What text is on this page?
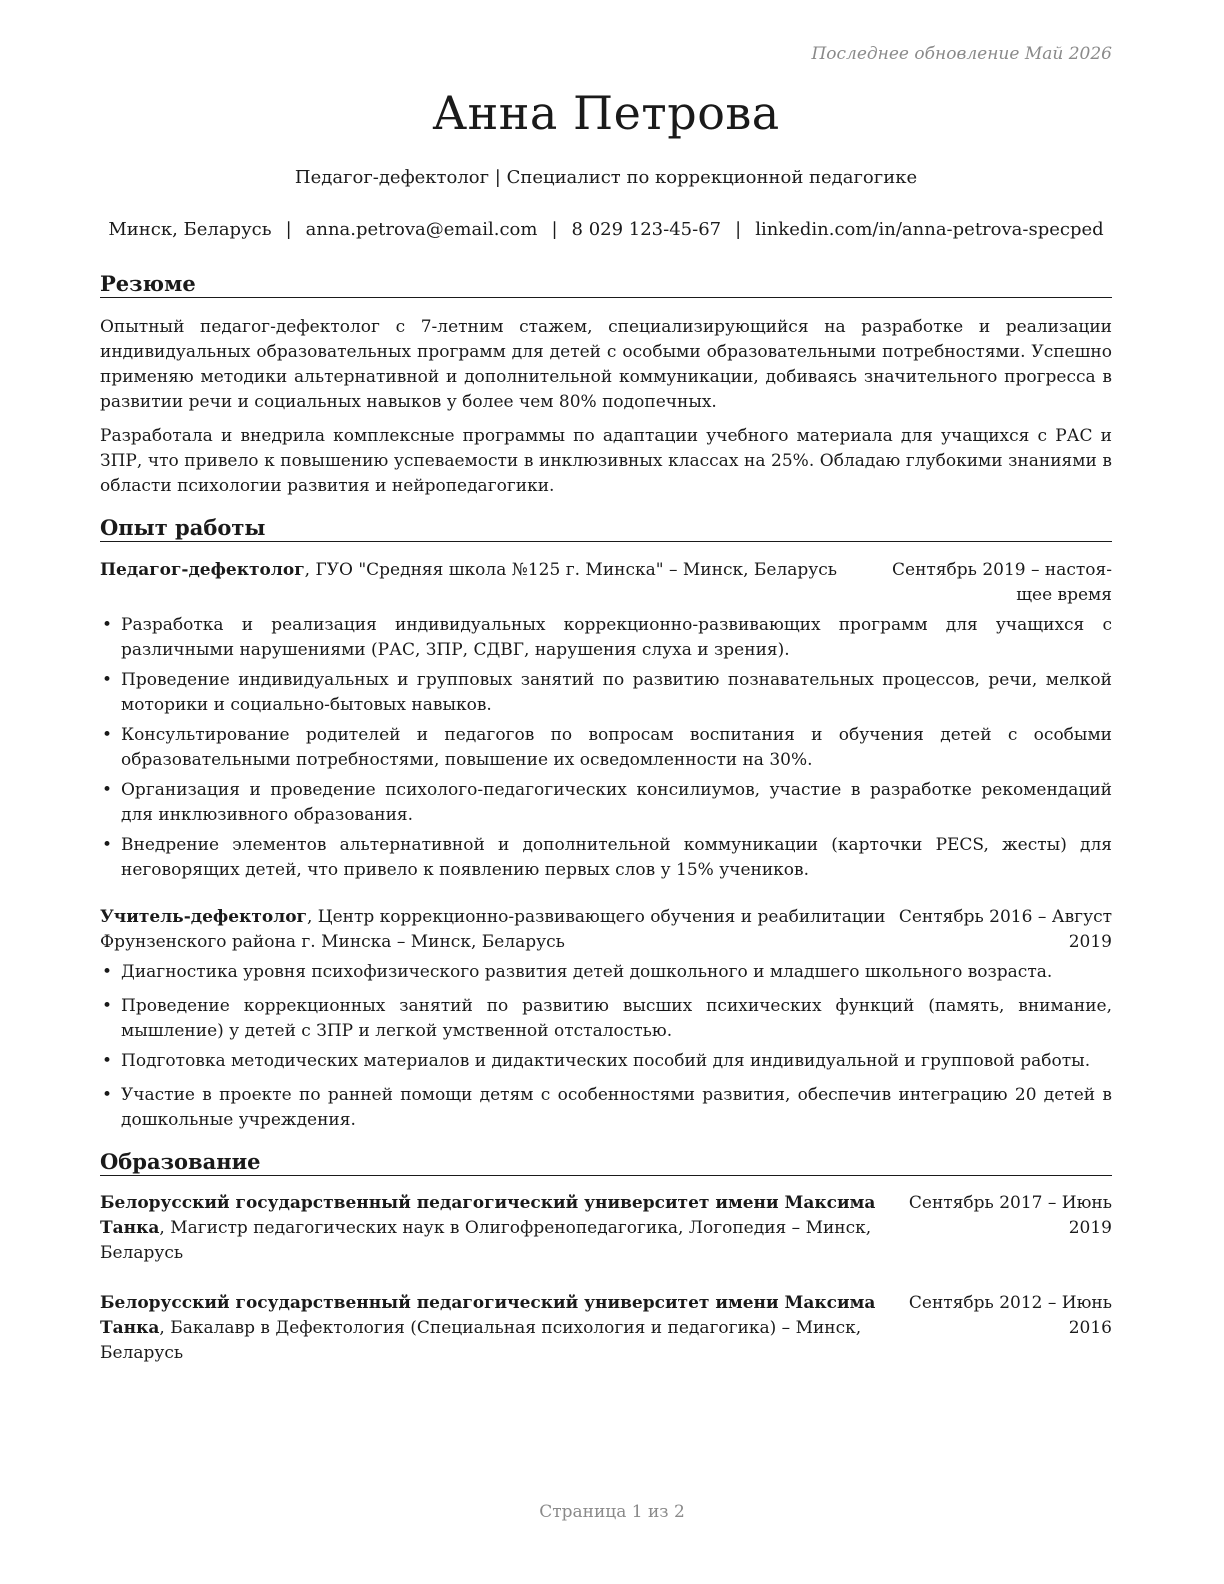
Последнее обновление Май 2026
Анна Петрова
Педагог-дефектолог | Специалист по коррекционной педагогике
Минск, Беларусь | anna.petrova@email.com | 8 029 123-45-67 | linkedin.com/in/anna-petrova-specped
Резюме

Опытный педагог-дефектолог с 7-летним стажем, специализирующийся на разработке и реализации индивидуальных образовательных программ для детей с особыми образовательными потребностями. Успешно применяю методики альтернативной и дополнительной коммуникации, добиваясь значительного прогресса в развитии речи и социальных навыков у более чем 80% подопечных.

Разработала и внедрила комплексные программы по адаптации учебного материала для учащихся с РАС и ЗПР, что привело к повышению успеваемости в инклюзивных классах на 25%. Обладаю глубокими знаниями в области психологии развития и нейропедагогики.

Опыт работы
Педагог-дефектолог, ГУО "Средняя школа №125 г. Минска" – Минск, Беларусь	Сентябрь 2019 – настоя-
щее время
• Разработка и реализация индивидуальных коррекционно-развивающих программ для учащихся с различными нарушениями (РАС, ЗПР, СДВГ, нарушения слуха и зрения).
• Проведение индивидуальных и групповых занятий по развитию познавательных процессов, речи, мелкой моторики и социально-бытовых навыков.
• Консультирование родителей и педагогов по вопросам воспитания и обучения детей с особыми образовательными потребностями, повышение их осведомленности на 30%.
• Организация и проведение психолого-педагогических консилиумов, участие в разработке рекомендаций для инклюзивного образования.
• Внедрение элементов альтернативной и дополнительной коммуникации (карточки PECS, жесты) для неговорящих детей, что привело к появлению первых слов у 15% учеников.
Учитель-дефектолог, Центр коррекционно-развивающего обучения и реабилитации
Фрунзенского района г. Минска – Минск, Беларусь
Сентябрь 2016 – Август
2019
• Диагностика уровня психофизического развития детей дошкольного и младшего школьного возраста.
• Проведение коррекционных занятий по развитию высших психических функций (память, внимание, мышление) у детей с ЗПР и легкой умственной отсталостью.
• Подготовка методических материалов и дидактических пособий для индивидуальной и групповой работы.
• Участие в проекте по ранней помощи детям с особенностями развития, обеспечив интеграцию 20 детей в дошкольные учреждения.
Образование
Белорусский государственный педагогический университет имени Максима
Танка, Магистр педагогических наук в Олигофренопедагогика, Логопедия – Минск,
Беларусь
Сентябрь 2017 – Июнь
2019
Белорусский государственный педагогический университет имени Максима
Танка, Бакалавр в Дефектология (Специальная психология и педагогика) – Минск,
Беларусь
Сентябрь 2012 – Июнь
2016
Страница 1 из 2
